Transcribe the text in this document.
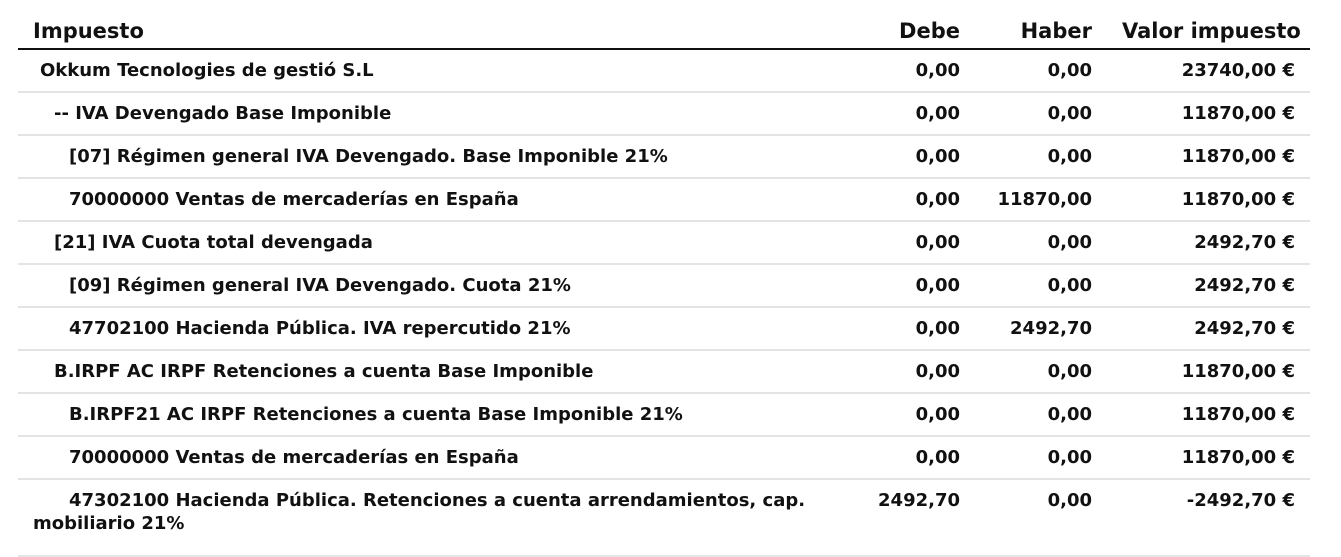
Impuesto	Debe	Haber	Valor impuesto
Okkum Tecnologies de gestió S.L	0,00	0,00	23740,00 €
-- IVA Devengado Base Imponible	0,00	0,00	11870,00 €
[07] Régimen general IVA Devengado. Base Imponible 21%	0,00	0,00	11870,00 €
70000000 Ventas de mercaderías en España	0,00	11870,00	11870,00 €
[21] IVA Cuota total devengada	0,00	0,00	2492,70 €
[09] Régimen general IVA Devengado. Cuota 21%	0,00	0,00	2492,70 €
47702100 Hacienda Pública. IVA repercutido 21%	0,00	2492,70	2492,70 €
B.IRPF AC IRPF Retenciones a cuenta Base Imponible	0,00	0,00	11870,00 €
B.IRPF21 AC IRPF Retenciones a cuenta Base Imponible 21%	0,00	0,00	11870,00 €
70000000 Ventas de mercaderías en España	0,00	0,00	11870,00 €
47302100 Hacienda Pública. Retenciones a cuenta arrendamientos, cap. mobiliario 21%	2492,70	0,00	-2492,70 €
